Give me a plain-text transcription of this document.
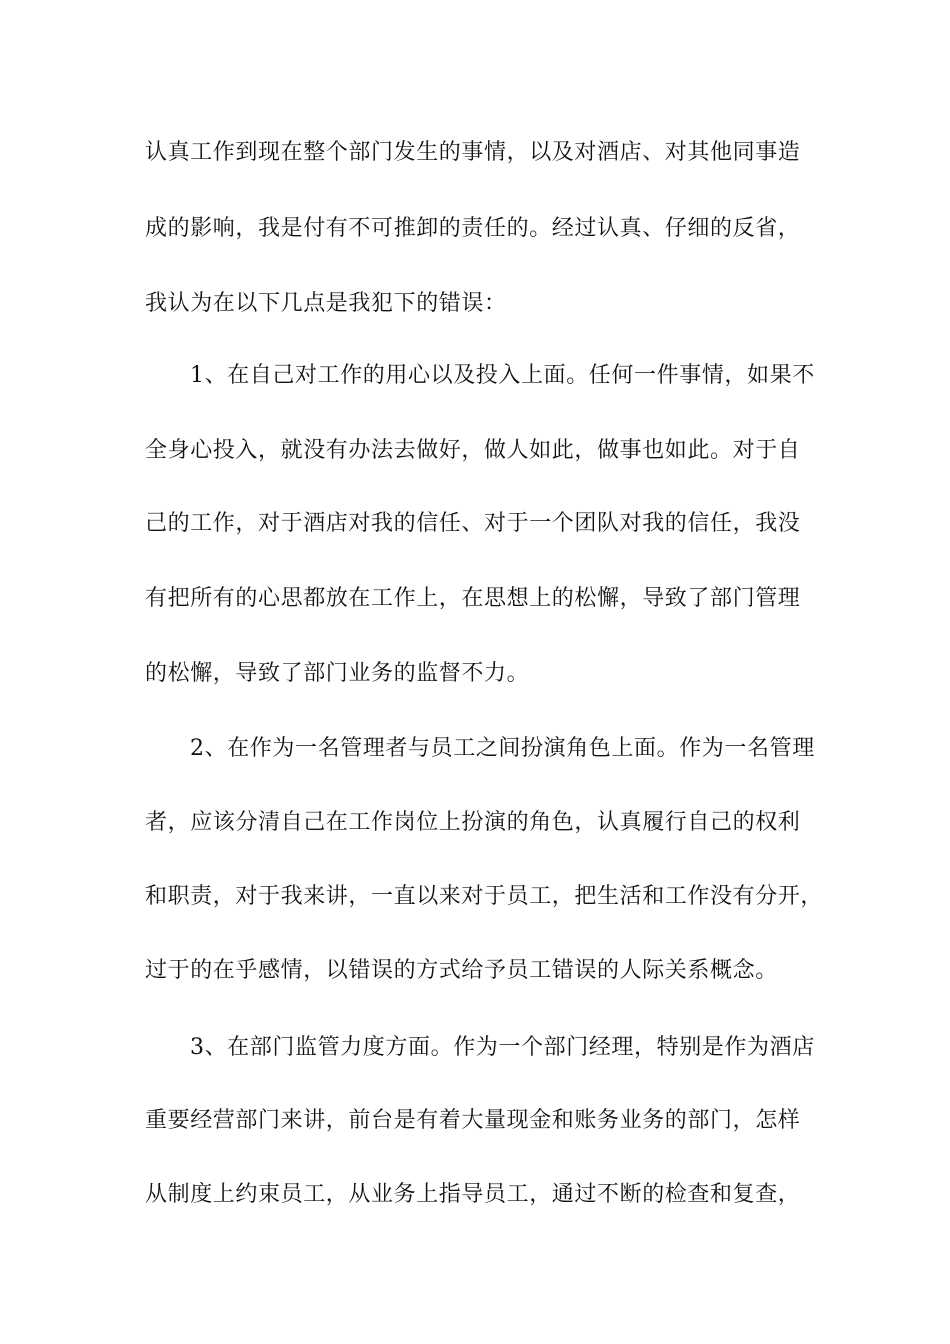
认真工作到现在整个部门发生的事情，以及对酒店、对其他同事造
成的影响，我是付有不可推卸的责任的。经过认真、仔细的反省，
我认为在以下几点是我犯下的错误：
1、在自己对工作的用心以及投入上面。任何一件事情，如果不
全身心投入，就没有办法去做好，做人如此，做事也如此。对于自
己的工作，对于酒店对我的信任、对于一个团队对我的信任，我没
有把所有的心思都放在工作上，在思想上的松懈，导致了部门管理
的松懈，导致了部门业务的监督不力。
2、在作为一名管理者与员工之间扮演角色上面。作为一名管理
者，应该分清自己在工作岗位上扮演的角色，认真履行自己的权利
和职责，对于我来讲，一直以来对于员工，把生活和工作没有分开，
过于的在乎感情，以错误的方式给予员工错误的人际关系概念。
3、在部门监管力度方面。作为一个部门经理，特别是作为酒店
重要经营部门来讲，前台是有着大量现金和账务业务的部门，怎样
从制度上约束员工，从业务上指导员工，通过不断的检查和复查，
